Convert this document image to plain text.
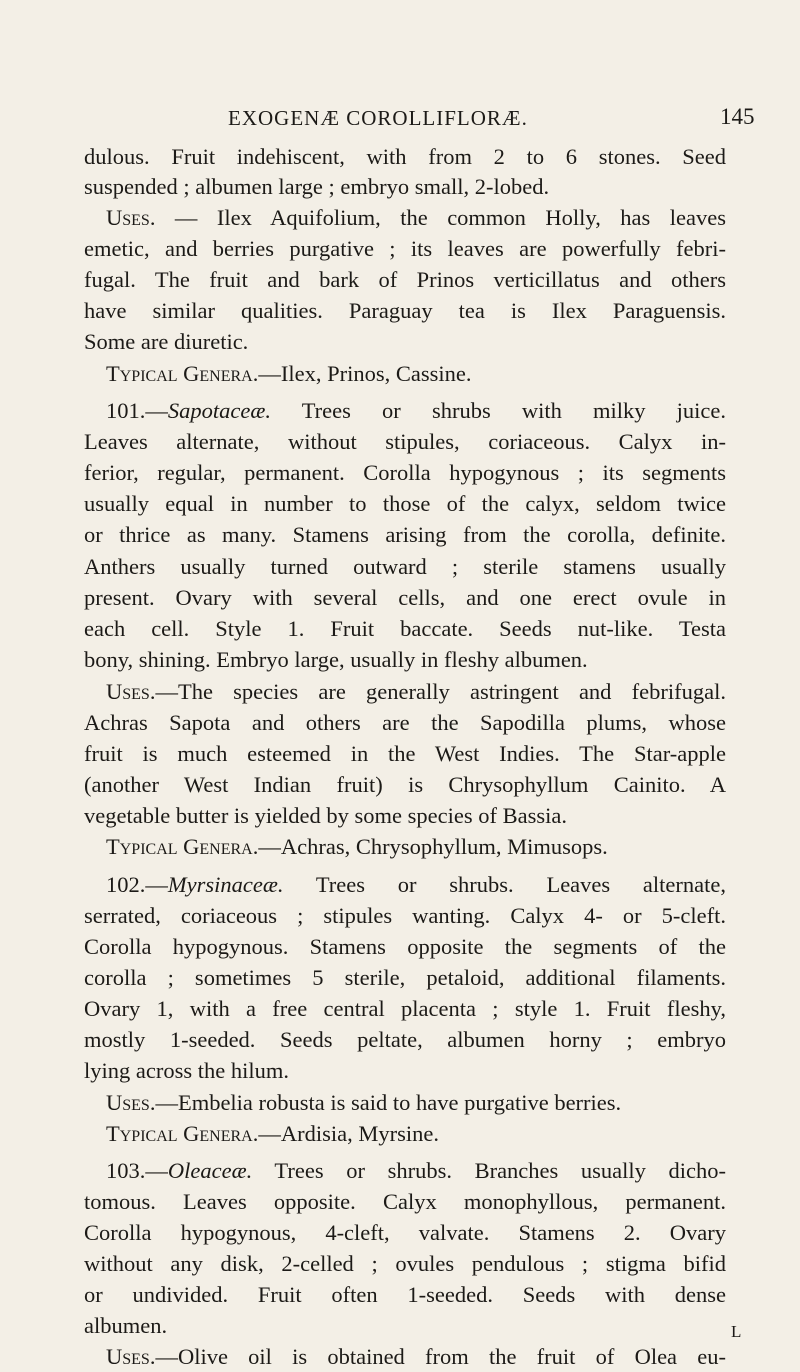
EXOGENÆ COROLLIFLORÆ.	145
dulous. Fruit indehiscent, with from 2 to 6 stones. Seed
suspended ; albumen large ; embryo small, 2-lobed.
Uses. — Ilex Aquifolium, the common Holly, has leaves
emetic, and berries purgative ; its leaves are powerfully febri-
fugal. The fruit and bark of Prinos verticillatus and others
have similar qualities. Paraguay tea is Ilex Paraguensis.
Some are diuretic.
Typical Genera.—Ilex, Prinos, Cassine.
101.—Sapotaceæ. Trees or shrubs with milky juice.
Leaves alternate, without stipules, coriaceous. Calyx in-
ferior, regular, permanent. Corolla hypogynous ; its segments
usually equal in number to those of the calyx, seldom twice
or thrice as many. Stamens arising from the corolla, definite.
Anthers usually turned outward ; sterile stamens usually
present. Ovary with several cells, and one erect ovule in
each cell. Style 1. Fruit baccate. Seeds nut-like. Testa
bony, shining. Embryo large, usually in fleshy albumen.
Uses.—The species are generally astringent and febrifugal.
Achras Sapota and others are the Sapodilla plums, whose
fruit is much esteemed in the West Indies. The Star-apple
(another West Indian fruit) is Chrysophyllum Cainito. A
vegetable butter is yielded by some species of Bassia.
Typical Genera.—Achras, Chrysophyllum, Mimusops.
102.—Myrsinaceæ. Trees or shrubs. Leaves alternate,
serrated, coriaceous ; stipules wanting. Calyx 4- or 5-cleft.
Corolla hypogynous. Stamens opposite the segments of the
corolla ; sometimes 5 sterile, petaloid, additional filaments.
Ovary 1, with a free central placenta ; style 1. Fruit fleshy,
mostly 1-seeded. Seeds peltate, albumen horny ; embryo
lying across the hilum.
Uses.—Embelia robusta is said to have purgative berries.
Typical Genera.—Ardisia, Myrsine.
103.—Oleaceæ. Trees or shrubs. Branches usually dicho-
tomous. Leaves opposite. Calyx monophyllous, permanent.
Corolla hypogynous, 4-cleft, valvate. Stamens 2. Ovary
without any disk, 2-celled ; ovules pendulous ; stigma bifid
or undivided. Fruit often 1-seeded. Seeds with dense
albumen.
Uses.—Olive oil is obtained from the fruit of Olea eu-
L
